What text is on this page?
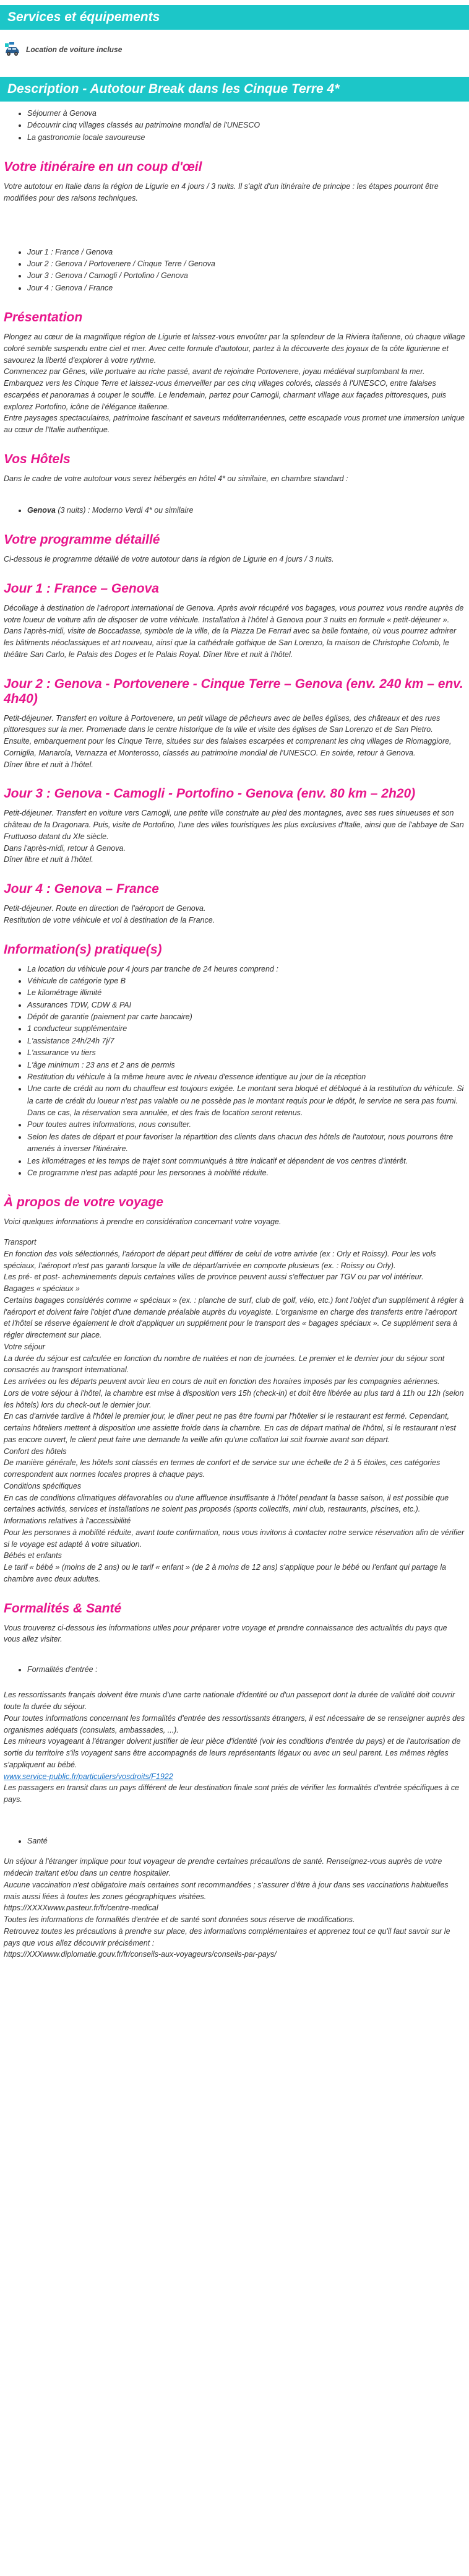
Services et équipements
Location de voiture incluse
Description - Autotour Break dans les Cinque Terre 4*
• Séjourner à Genova
• Découvrir cinq villages classés au patrimoine mondial de l'UNESCO
• La gastronomie locale savoureuse
Votre itinéraire en un coup d'œil

Votre autotour en Italie dans la région de Ligurie en 4 jours / 3 nuits. Il s'agit d'un itinéraire de principe : les étapes pourront être modifiées pour des raisons techniques.

• Jour 1 : France / Genova
• Jour 2 : Genova / Portovenere / Cinque Terre / Genova
• Jour 3 : Genova / Camogli / Portofino / Genova
• Jour 4 : Genova / France
Présentation

Plongez au cœur de la magnifique région de Ligurie et laissez-vous envoûter par la splendeur de la Riviera italienne, où chaque village coloré semble suspendu entre ciel et mer. Avec cette formule d'autotour, partez à la découverte des joyaux de la côte ligurienne et savourez la liberté d'explorer à votre rythme.

Commencez par Gênes, ville portuaire au riche passé, avant de rejoindre Portovenere, joyau médiéval surplombant la mer.

Embarquez vers les Cinque Terre et laissez-vous émerveiller par ces cinq villages colorés, classés à l'UNESCO, entre falaises escarpées et panoramas à couper le souffle. Le lendemain, partez pour Camogli, charmant village aux façades pittoresques, puis explorez Portofino, icône de l'élégance italienne.

Entre paysages spectaculaires, patrimoine fascinant et saveurs méditerranéennes, cette escapade vous promet une immersion unique au cœur de l'Italie authentique.

Vos Hôtels

Dans le cadre de votre autotour vous serez hébergés en hôtel 4* ou similaire, en chambre standard :

• Genova (3 nuits) : Moderno Verdi 4* ou similaire
Votre programme détaillé

Ci-dessous le programme détaillé de votre autotour dans la région de Ligurie en 4 jours / 3 nuits.

Jour 1 : France – Genova

Décollage à destination de l'aéroport international de Genova. Après avoir récupéré vos bagages, vous pourrez vous rendre auprès de votre loueur de voiture afin de disposer de votre véhicule. Installation à l'hôtel à Genova pour 3 nuits en formule « petit-déjeuner ».

Dans l'après-midi, visite de Boccadasse, symbole de la ville, de la Piazza De Ferrari avec sa belle fontaine, où vous pourrez admirer les bâtiments néoclassiques et art nouveau, ainsi que la cathédrale gothique de San Lorenzo, la maison de Christophe Colomb, le théâtre San Carlo, le Palais des Doges et le Palais Royal. Dîner libre et nuit à l'hôtel.

Jour 2 : Genova - Portovenere - Cinque Terre – Genova (env. 240 km – env. 4h40)

Petit-déjeuner. Transfert en voiture à Portovenere, un petit village de pêcheurs avec de belles églises, des châteaux et des rues pittoresques sur la mer. Promenade dans le centre historique de la ville et visite des églises de San Lorenzo et de San Pietro.

Ensuite, embarquement pour les Cinque Terre, situées sur des falaises escarpées et comprenant les cinq villages de Riomaggiore, Corniglia, Manarola, Vernazza et Monterosso, classés au patrimoine mondial de l'UNESCO. En soirée, retour à Genova.

Dîner libre et nuit à l'hôtel.

Jour 3 : Genova - Camogli - Portofino - Genova (env. 80 km – 2h20)

Petit-déjeuner. Transfert en voiture vers Camogli, une petite ville construite au pied des montagnes, avec ses rues sinueuses et son château de la Dragonara. Puis, visite de Portofino, l'une des villes touristiques les plus exclusives d'Italie, ainsi que de l'abbaye de San Fruttuoso datant du XIe siècle.

Dans l'après-midi, retour à Genova.

Dîner libre et nuit à l'hôtel.

Jour 4 : Genova – France

Petit-déjeuner. Route en direction de l'aéroport de Genova.

Restitution de votre véhicule et vol à destination de la France.

Information(s) pratique(s)
• La location du véhicule pour 4 jours par tranche de 24 heures comprend :
• Véhicule de catégorie type B
• Le kilométrage illimité
• Assurances TDW, CDW & PAI
• Dépôt de garantie (paiement par carte bancaire)
• 1 conducteur supplémentaire
• L'assistance 24h/24h 7j/7
• L'assurance vu tiers
• L'âge minimum : 23 ans et 2 ans de permis
• Restitution du véhicule à la même heure avec le niveau d'essence identique au jour de la réception
• Une carte de crédit au nom du chauffeur est toujours exigée. Le montant sera bloqué et débloqué à la restitution du véhicule. Si la carte de crédit du loueur n'est pas valable ou ne possède pas le montant requis pour le dépôt, le service ne sera pas fourni. Dans ce cas, la réservation sera annulée, et des frais de location seront retenus.
• Pour toutes autres informations, nous consulter.
• Selon les dates de départ et pour favoriser la répartition des clients dans chacun des hôtels de l'autotour, nous pourrons être amenés à inverser l'itinéraire.
• Les kilométrages et les temps de trajet sont communiqués à titre indicatif et dépendent de vos centres d'intérêt.
• Ce programme n'est pas adapté pour les personnes à mobilité réduite.
À propos de votre voyage

Voici quelques informations à prendre en considération concernant votre voyage.

Transport

En fonction des vols sélectionnés, l'aéroport de départ peut différer de celui de votre arrivée (ex : Orly et Roissy). Pour les vols spéciaux, l'aéroport n'est pas garanti lorsque la ville de départ/arrivée en comporte plusieurs (ex. : Roissy ou Orly).

Les pré- et post- acheminements depuis certaines villes de province peuvent aussi s'effectuer par TGV ou par vol intérieur.

Bagages « spéciaux »

Certains bagages considérés comme « spéciaux » (ex. : planche de surf, club de golf, vélo, etc.) font l'objet d'un supplément à régler à l'aéroport et doivent faire l'objet d'une demande préalable auprès du voyagiste. L'organisme en charge des transferts entre l'aéroport et l'hôtel se réserve également le droit d'appliquer un supplément pour le transport des « bagages spéciaux ». Ce supplément sera à régler directement sur place.

Votre séjour

La durée du séjour est calculée en fonction du nombre de nuitées et non de journées. Le premier et le dernier jour du séjour sont consacrés au transport international.

Les arrivées ou les départs peuvent avoir lieu en cours de nuit en fonction des horaires imposés par les compagnies aériennes.

Lors de votre séjour à l'hôtel, la chambre est mise à disposition vers 15h (check-in) et doit être libérée au plus tard à 11h ou 12h (selon les hôtels) lors du check-out le dernier jour.

En cas d'arrivée tardive à l'hôtel le premier jour, le dîner peut ne pas être fourni par l'hôtelier si le restaurant est fermé. Cependant, certains hôteliers mettent à disposition une assiette froide dans la chambre. En cas de départ matinal de l'hôtel, si le restaurant n'est pas encore ouvert, le client peut faire une demande la veille afin qu'une collation lui soit fournie avant son départ.

Confort des hôtels

De manière générale, les hôtels sont classés en termes de confort et de service sur une échelle de 2 à 5 étoiles, ces catégories correspondent aux normes locales propres à chaque pays.

Conditions spécifiques

En cas de conditions climatiques défavorables ou d'une affluence insuffisante à l'hôtel pendant la basse saison, il est possible que certaines activités, services et installations ne soient pas proposés (sports collectifs, mini club, restaurants, piscines, etc.).

Informations relatives à l'accessibilité

Pour les personnes à mobilité réduite, avant toute confirmation, nous vous invitons à contacter notre service réservation afin de vérifier si le voyage est adapté à votre situation.

Bébés et enfants

Le tarif « bébé » (moins de 2 ans) ou le tarif « enfant » (de 2 à moins de 12 ans) s'applique pour le bébé ou l'enfant qui partage la chambre avec deux adultes.

Formalités & Santé

Vous trouverez ci-dessous les informations utiles pour préparer votre voyage et prendre connaissance des actualités du pays que vous allez visiter.

• Formalités d'entrée :

Les ressortissants français doivent être munis d'une carte nationale d'identité ou d'un passeport dont la durée de validité doit couvrir toute la durée du séjour.

Pour toutes informations concernant les formalités d'entrée des ressortissants étrangers, il est nécessaire de se renseigner auprès des organismes adéquats (consulats, ambassades, ...).

Les mineurs voyageant à l'étranger doivent justifier de leur pièce d'identité (voir les conditions d'entrée du pays) et de l'autorisation de sortie du territoire s'ils voyagent sans être accompagnés de leurs représentants légaux ou avec un seul parent. Les mêmes règles s'appliquent au bébé.

www.service-public.fr/particuliers/vosdroits/F1922

Les passagers en transit dans un pays différent de leur destination finale sont priés de vérifier les formalités d'entrée spécifiques à ce pays.

• Santé

Un séjour à l'étranger implique pour tout voyageur de prendre certaines précautions de santé. Renseignez-vous auprès de votre médecin traitant et/ou dans un centre hospitalier.

Aucune vaccination n'est obligatoire mais certaines sont recommandées ; s'assurer d'être à jour dans ses vaccinations habituelles mais aussi liées à toutes les zones géographiques visitées.

https://XXXXwww.pasteur.fr/fr/centre-medical

Toutes les informations de formalités d'entrée et de santé sont données sous réserve de modifications.

Retrouvez toutes les précautions à prendre sur place, des informations complémentaires et apprenez tout ce qu'il faut savoir sur le pays que vous allez découvrir précisément :

https://XXXwww.diplomatie.gouv.fr/fr/conseils-aux-voyageurs/conseils-par-pays/
